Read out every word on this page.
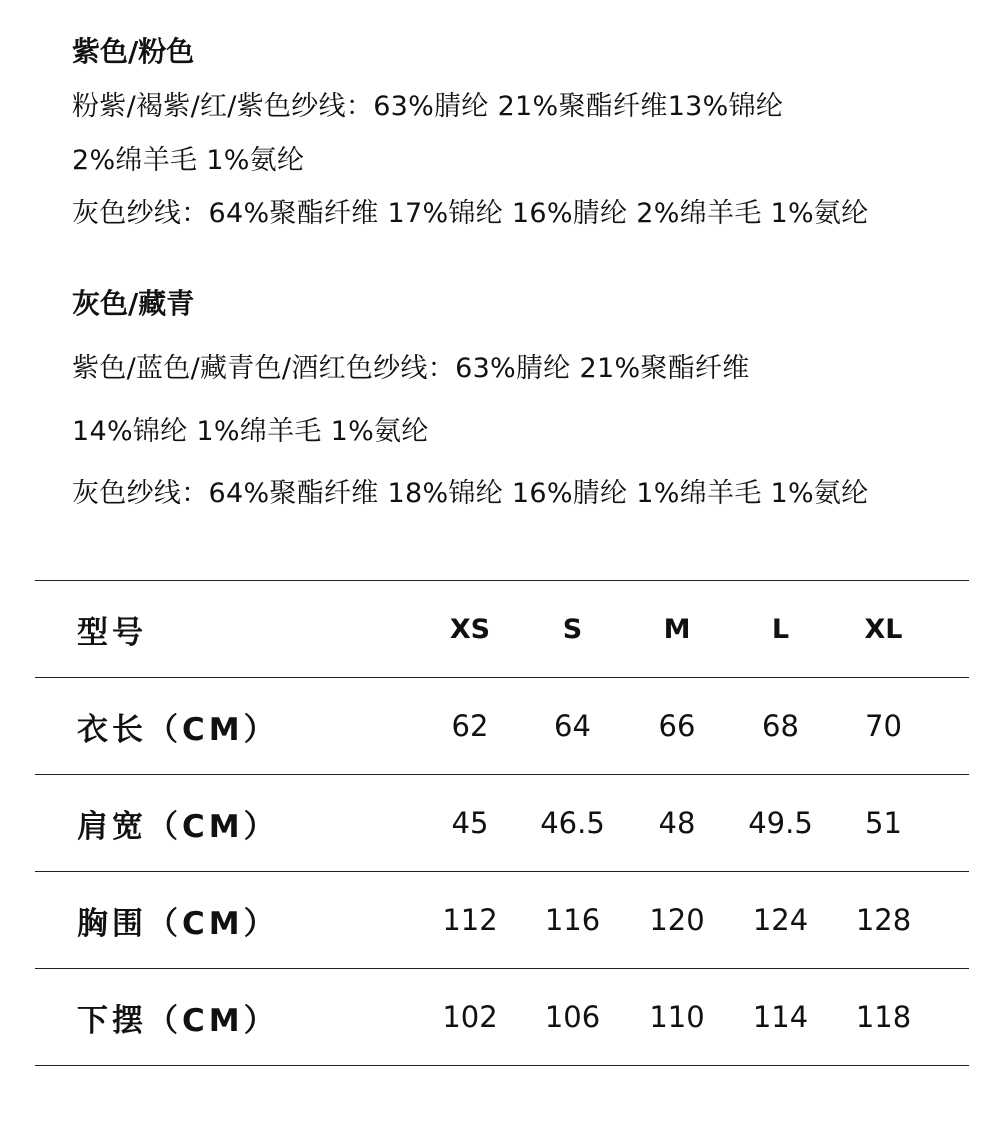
紫色/粉色
粉紫/褐紫/红/紫色纱线：63%腈纶 21%聚酯纤维13%锦纶
2%绵羊毛 1%氨纶
灰色纱线：64%聚酯纤维 17%锦纶 16%腈纶 2%绵羊毛 1%氨纶
灰色/藏青
紫色/蓝色/藏青色/酒红色纱线：63%腈纶 21%聚酯纤维
14%锦纶 1%绵羊毛 1%氨纶
灰色纱线：64%聚酯纤维 18%锦纶 16%腈纶 1%绵羊毛 1%氨纶
型号	XS	S	M	L	XL
衣长（CM）	62	64	66	68	70
肩宽（CM）	45	46.5	48	49.5	51
胸围（CM）	112	116	120	124	128
下摆（CM）	102	106	110	114	118
